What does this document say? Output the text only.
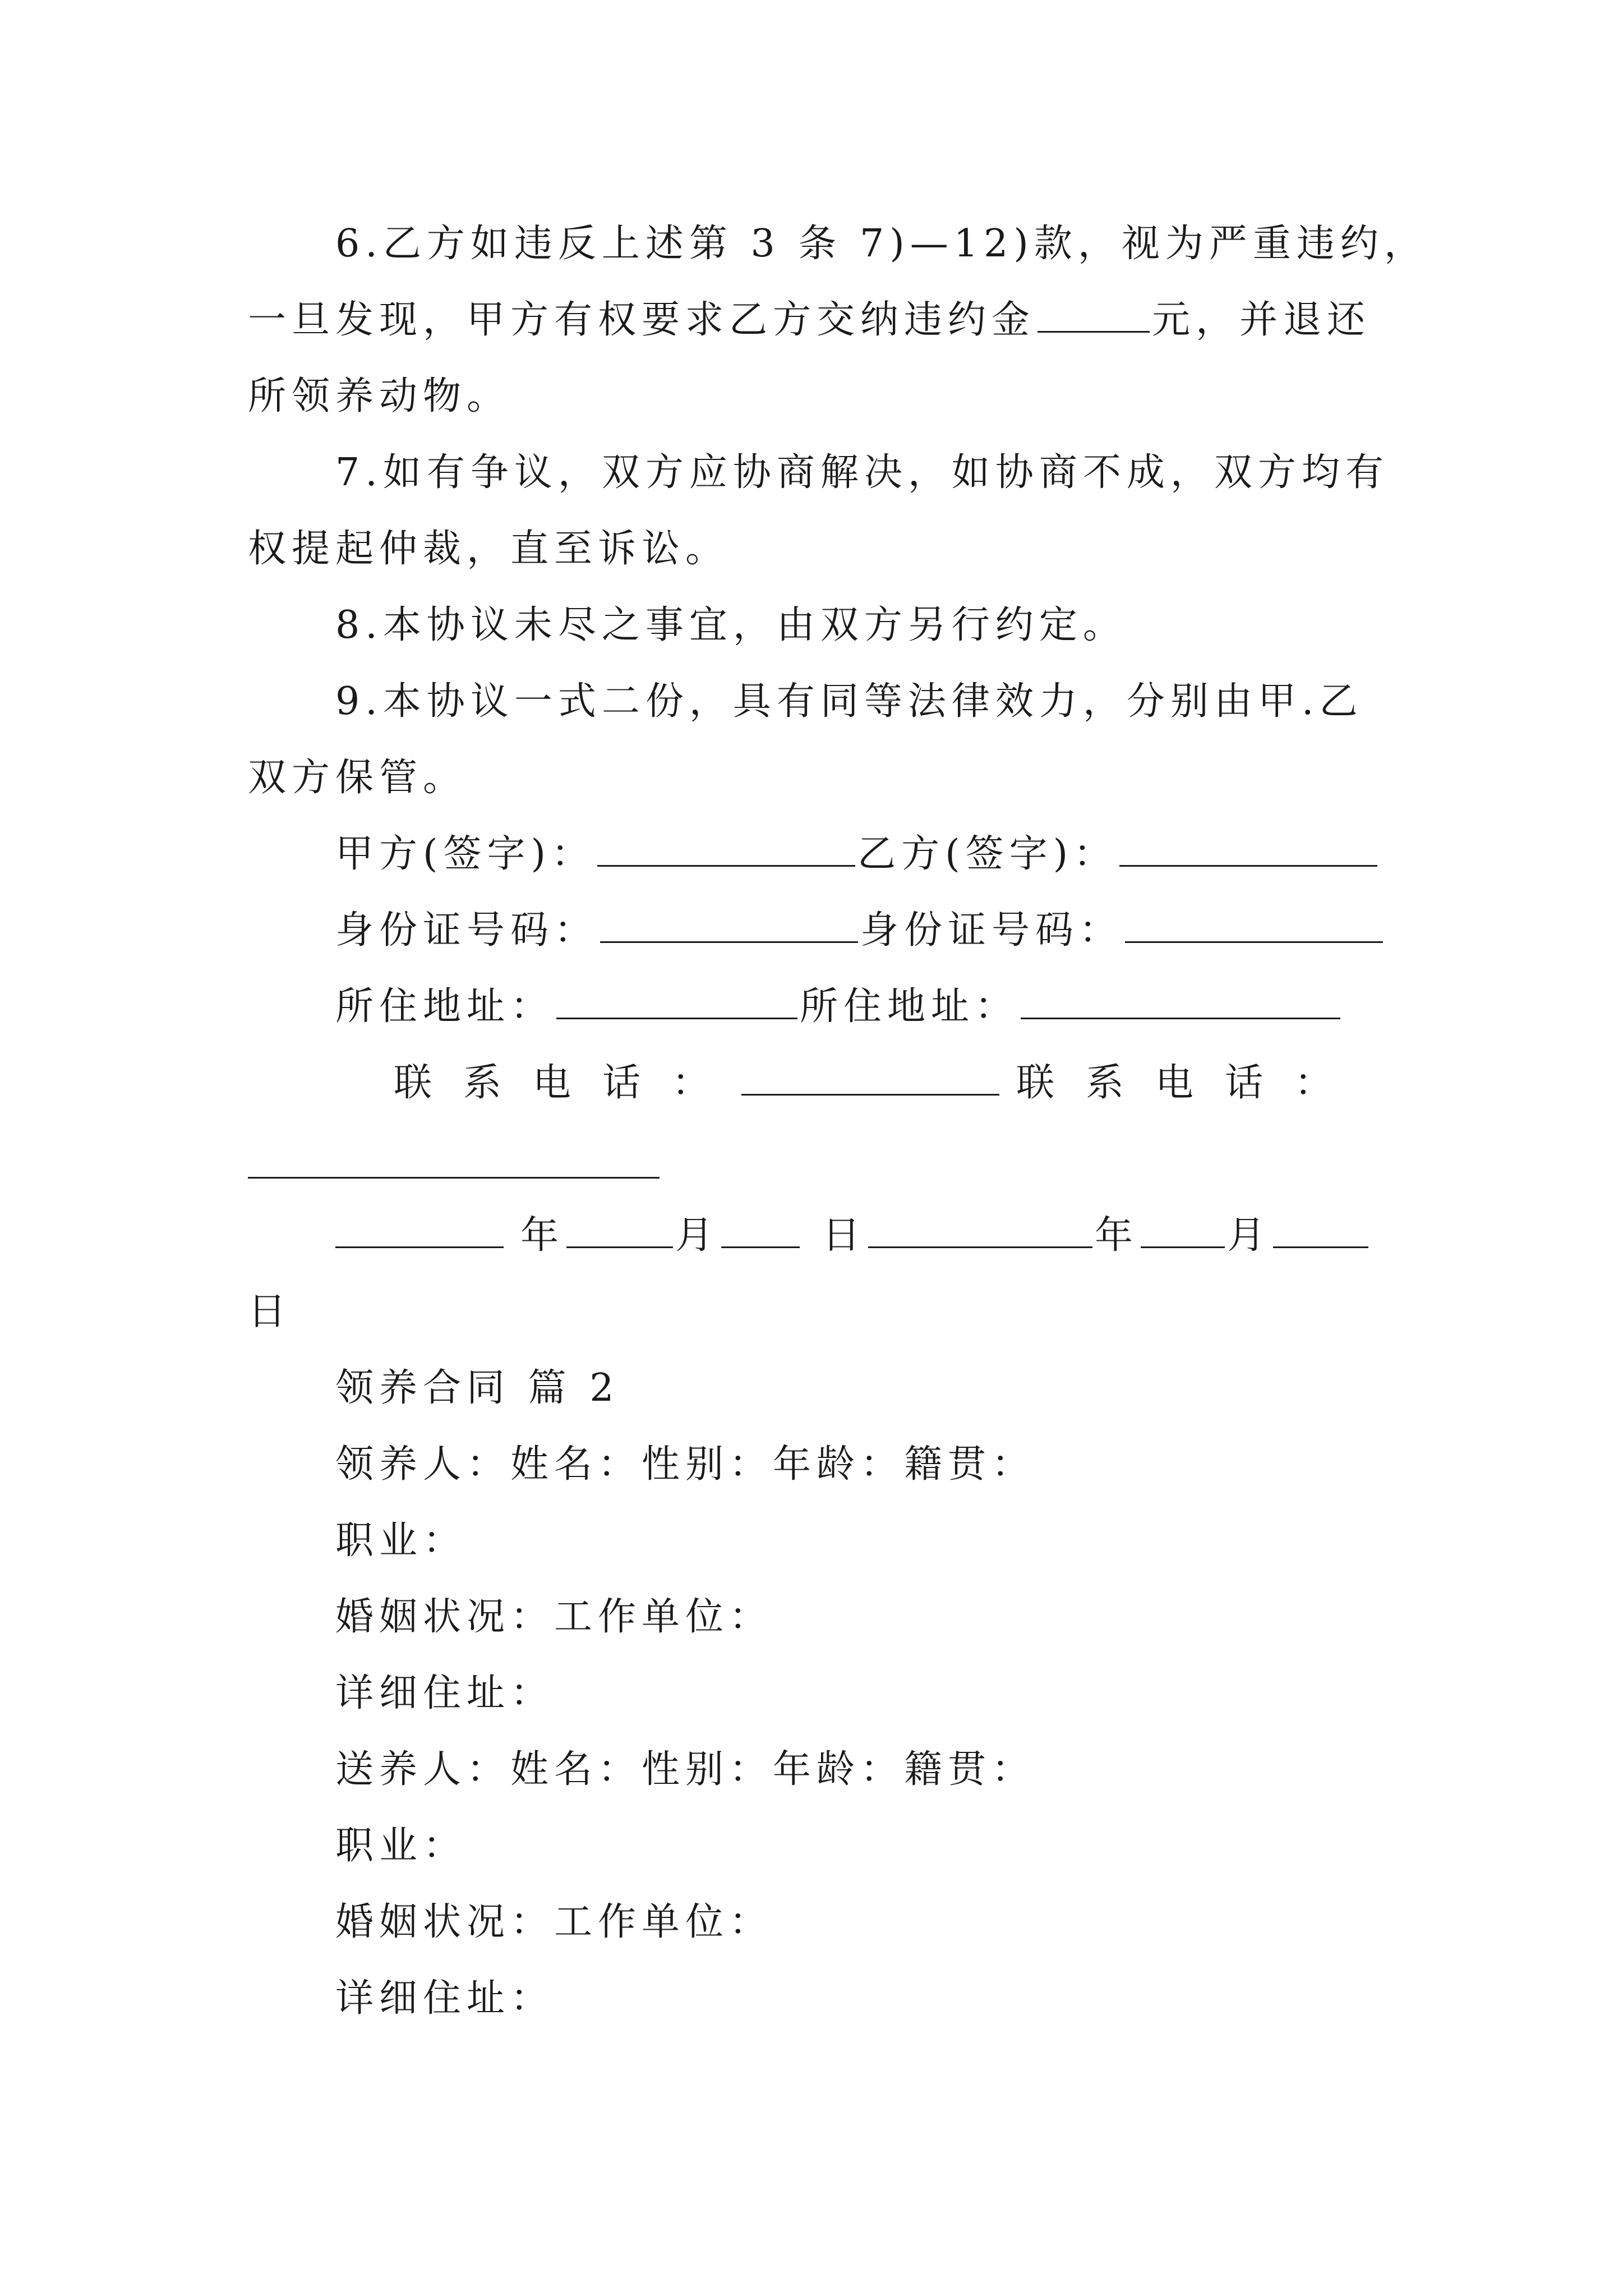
6.乙方如违反上述第 3 条 7)—12)款，视为严重违约，
一旦发现，甲方有权要求乙方交纳违约金	元，并退还
所领养动物。
7.如有争议，双方应协商解决，如协商不成，双方均有
权提起仲裁，直至诉讼。
8.本协议未尽之事宜，由双方另行约定。
9.本协议一式二份，具有同等法律效力，分别由甲.乙
双方保管。
甲方(签字)：	乙方(签字)：
身份证号码：	身份证号码：
所住地址：	所住地址：
联系电话：	联系电话：
年	月	日	年 月
日
领养合同 篇 2
领养人：姓名：性别：年龄：籍贯：
职业：
婚姻状况：工作单位：
详细住址：
送养人：姓名：性别：年龄：籍贯：
职业：
婚姻状况：工作单位：
详细住址：
